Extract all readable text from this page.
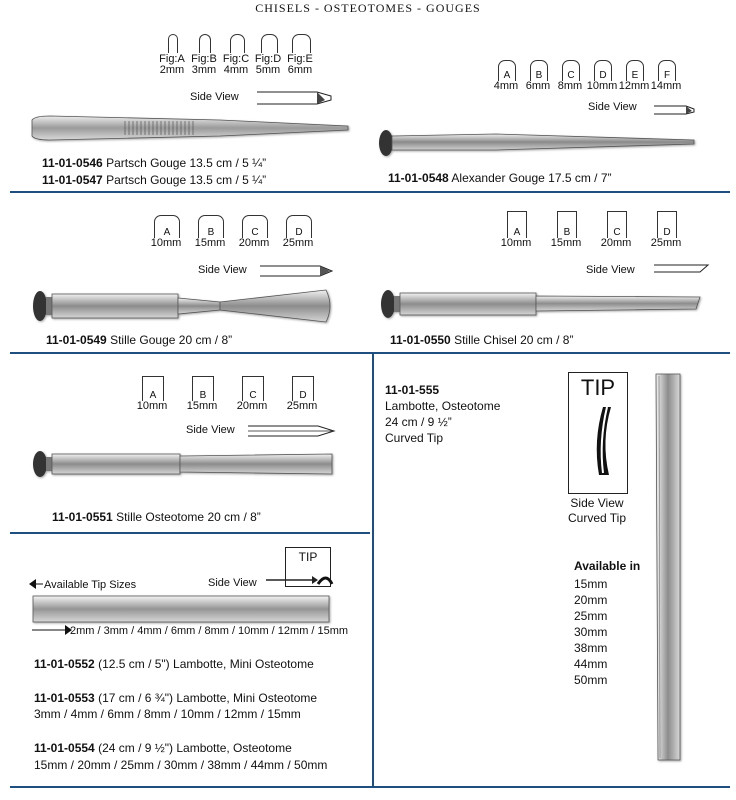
CHISELS - OSTEOTOMES - GOUGES
Fig:A
2mm
Fig:B
3mm
Fig:C
4mm
Fig:D
5mm
Fig:E
6mm
Side View
11-01-0546 Partsch Gouge 13.5 cm / 5 ¼”
11-01-0547 Partsch Gouge 13.5 cm / 5 ¼”
A
4mm
B
6mm
C
8mm
D
10mm
E
12mm
F
14mm
Side View
11-01-0548 Alexander Gouge 17.5 cm / 7”
A
10mm
B
15mm
C
20mm
D
25mm
Side View
11-01-0549 Stille Gouge 20 cm / 8”
A
10mm
B
15mm
C
20mm
D
25mm
Side View
11-01-0550 Stille Chisel 20 cm / 8”
A
10mm
B
15mm
C
20mm
D
25mm
Side View
11-01-0551 Stille Osteotome 20 cm / 8”
TIP
Side View
Available Tip Sizes
2mm / 3mm / 4mm / 6mm / 8mm / 10mm / 12mm / 15mm
11-01-0552 (12.5 cm / 5") Lambotte, Mini Osteotome
11-01-0553 (17 cm / 6 ¾") Lambotte, Mini Osteotome
3mm / 4mm / 6mm / 8mm / 10mm / 12mm / 15mm
11-01-0554 (24 cm / 9 ½") Lambotte, Osteotome
15mm / 20mm / 25mm / 30mm / 38mm / 44mm / 50mm
11-01-555
Lambotte, Osteotome
24 cm / 9 ½”
Curved Tip
TIP
Side View
Curved Tip
Available in
15mm
20mm
25mm
30mm
38mm
44mm
50mm
